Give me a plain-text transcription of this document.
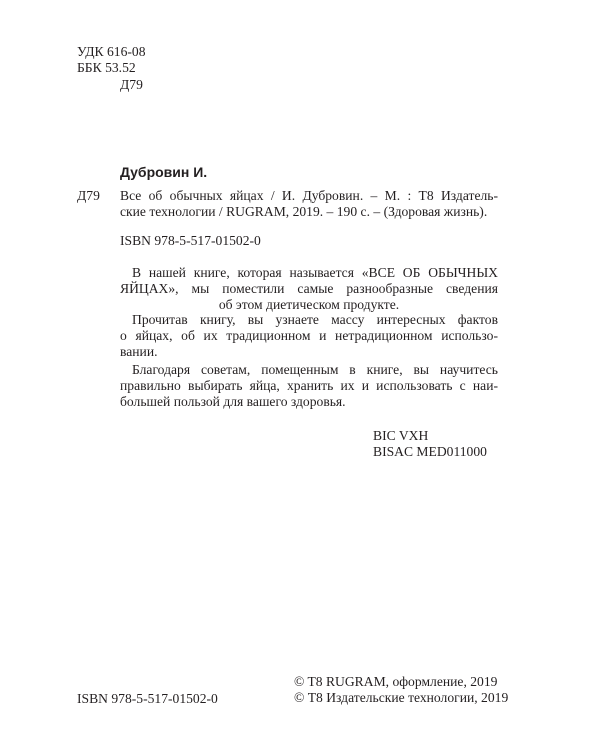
УДК 616-08
ББК 53.52
Д79
Дубровин И.
Д79 Все об обычных яйцах / И. Дубровин. – М. : Т8 Издатель-
ские технологии / RUGRAM, 2019. – 190 с. – (Здоровая жизнь).
ISBN 978-5-517-01502-0
В нашей книге, которая называется «ВСЕ ОБ ОБЫЧНЫХ
ЯЙЦАХ», мы поместили самые разнообразные сведения
об этом диетическом продукте.
Прочитав книгу, вы узнаете массу интересных фактов
о яйцах, об их традиционном и нетрадиционном использо-
вании.
Благодаря советам, помещенным в книге, вы научитесь
правильно выбирать яйца, хранить их и использовать с наи-
большей пользой для вашего здоровья.
BIC VXH
BISAC MED011000
ISBN 978-5-517-01502-0
© T8 RUGRAM, оформление, 2019
© Т8 Издательские технологии, 2019
